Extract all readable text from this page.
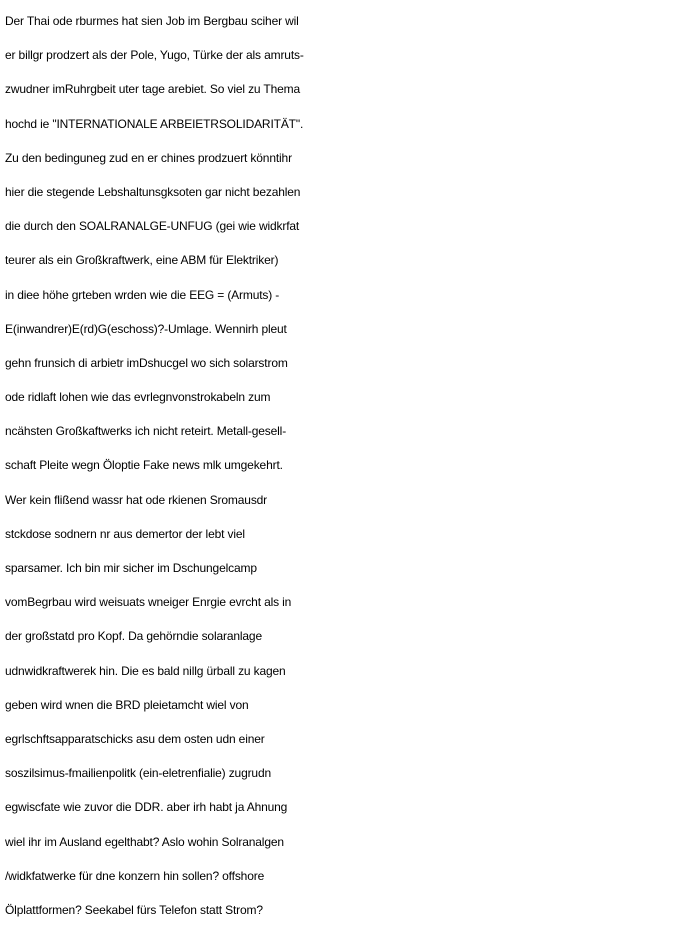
Der Thai ode rburmes hat sien Job im Bergbau sciher wil
er billgr prodzert als der Pole, Yugo, Türke der als amruts-
zwudner imRuhrgbeit uter tage arebiet. So viel zu Thema
hochd ie "INTERNATIONALE ARBEIETRSOLIDARITÄT".
Zu den bedinguneg zud en er chines prodzuert könntihr
hier die stegende Lebshaltunsgksoten gar nicht bezahlen
die durch den SOALRANALGE-UNFUG (gei wie widkrfat
teurer als ein Großkraftwerk, eine ABM für Elektriker)
in diee höhe grteben wrden wie die EEG = (Armuts) -
E(inwandrer)E(rd)G(eschoss)?-Umlage. Wennirh pleut
gehn frunsich di arbietr imDshucgel wo sich solarstrom
ode ridlaft lohen wie das evrlegnvonstrokabeln zum
ncähsten Großkaftwerks ich nicht reteirt. Metall-gesell-
schaft Pleite wegn Öloptie Fake news mlk umgekehrt.
Wer kein flißend wassr hat ode rkienen Sromausdr
stckdose sodnern nr aus demertor der lebt viel
sparsamer. Ich bin mir sicher im Dschungelcamp
vomBegrbau wird weisuats wneiger Enrgie evrcht als in
der großstatd pro Kopf. Da gehörndie solaranlage
udnwidkraftwerek hin. Die es bald nillg ürball zu kagen
geben wird wnen die BRD pleietamcht wiel von
egrlschftsapparatschicks asu dem osten udn einer
soszilsimus-fmailienpolitk (ein-eletrenfialie) zugrudn
egwiscfate wie zuvor die DDR. aber irh habt ja Ahnung
wiel ihr im Ausland egelthabt? Aslo wohin Solranalgen
/widkfatwerke für dne konzern hin sollen? offshore
Ölplattformen? Seekabel fürs Telefon statt Strom?
